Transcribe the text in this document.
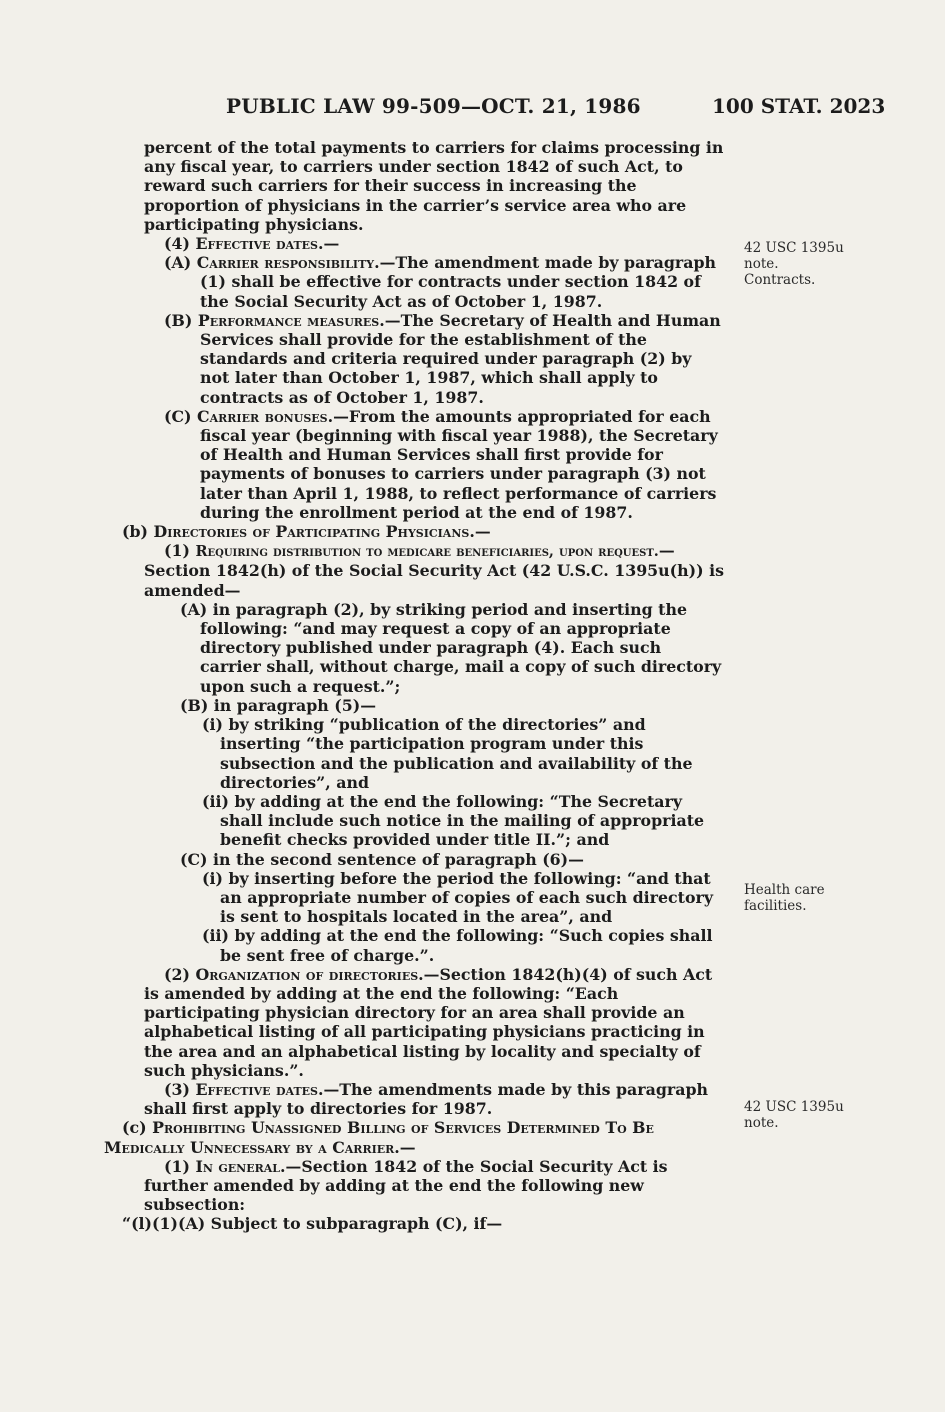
PUBLIC LAW 99-509—OCT. 21, 1986	100 STAT. 2023

percent of the total payments to carriers for claims processing in any fiscal year, to carriers under section 1842 of such Act, to reward such carriers for their success in increasing the proportion of physicians in the carrier’s service area who are participating physicians.

(4) Effective dates.—

(A) Carrier responsibility.—The amendment made by paragraph (1) shall be effective for contracts under section 1842 of the Social Security Act as of October 1, 1987.

(B) Performance measures.—The Secretary of Health and Human Services shall provide for the establishment of the standards and criteria required under paragraph (2) by not later than October 1, 1987, which shall apply to contracts as of October 1, 1987.

(C) Carrier bonuses.—From the amounts appropriated for each fiscal year (beginning with fiscal year 1988), the Secretary of Health and Human Services shall first provide for payments of bonuses to carriers under paragraph (3) not later than April 1, 1988, to reflect performance of carriers during the enrollment period at the end of 1987.

(b) Directories of Participating Physicians.—

(1) Requiring distribution to medicare beneficiaries, upon request.—Section 1842(h) of the Social Security Act (42 U.S.C. 1395u(h)) is amended—

(A) in paragraph (2), by striking period and inserting the following: “and may request a copy of an appropriate directory published under paragraph (4). Each such carrier shall, without charge, mail a copy of such directory upon such a request.”;

(B) in paragraph (5)—

(i) by striking “publication of the directories” and inserting “the participation program under this subsection and the publication and availability of the directories”, and

(ii) by adding at the end the following: “The Secretary shall include such notice in the mailing of appropriate benefit checks provided under title II.”; and

(C) in the second sentence of paragraph (6)—

(i) by inserting before the period the following: “and that an appropriate number of copies of each such directory is sent to hospitals located in the area”, and

(ii) by adding at the end the following: “Such copies shall be sent free of charge.”.

(2) Organization of directories.—Section 1842(h)(4) of such Act is amended by adding at the end the following: “Each participating physician directory for an area shall provide an alphabetical listing of all participating physicians practicing in the area and an alphabetical listing by locality and specialty of such physicians.”.

(3) Effective dates.—The amendments made by this paragraph shall first apply to directories for 1987.

(c) Prohibiting Unassigned Billing of Services Determined To Be Medically Unnecessary by a Carrier.—

(1) In general.—Section 1842 of the Social Security Act is further amended by adding at the end the following new subsection:

“(l)(1)(A) Subject to subparagraph (C), if—

42 USC 1395u
note.
Contracts.
Health care
facilities.
42 USC 1395u
note.
